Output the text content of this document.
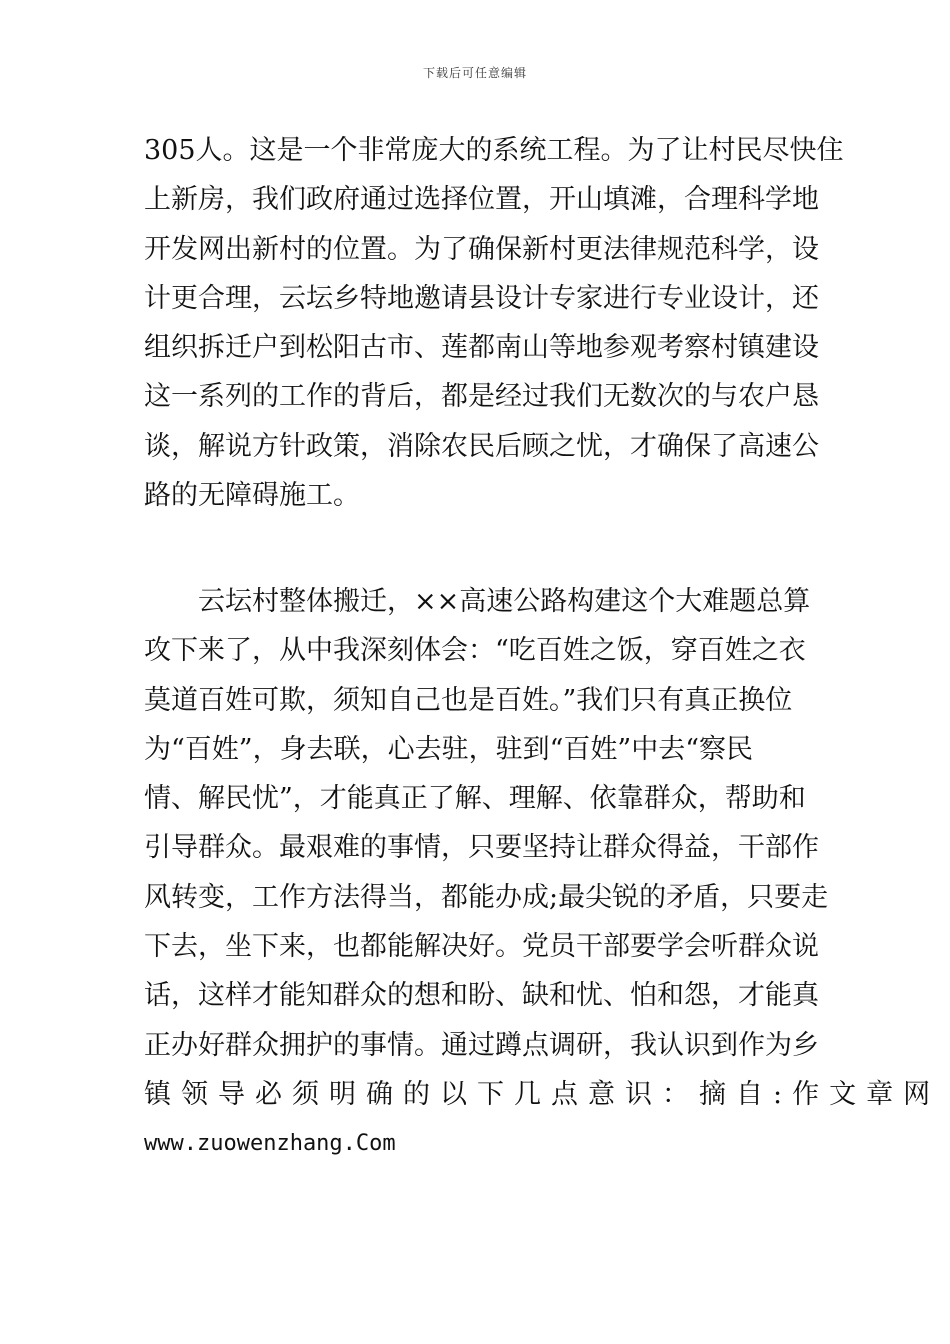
下载后可任意编辑
305人。这是一个非常庞大的系统工程。为了让村民尽快住
上新房，我们政府通过选择位置，开山填滩，合理科学地
开发网出新村的位置。为了确保新村更法律规范科学，设
计更合理，云坛乡特地邀请县设计专家进行专业设计，还
组织拆迁户到松阳古市、莲都南山等地参观考察村镇建设
这一系列的工作的背后，都是经过我们无数次的与农户恳
谈，解说方针政策，消除农民后顾之忧，才确保了高速公
路的无障碍施工。
云坛村整体搬迁，××高速公路构建这个大难题总算
攻下来了，从中我深刻体会：“吃百姓之饭，穿百姓之衣
莫道百姓可欺，须知自己也是百姓。”我们只有真正换位
为“百姓”，身去联，心去驻，驻到“百姓”中去“察民
情、解民忧”，才能真正了解、理解、依靠群众，帮助和
引导群众。最艰难的事情，只要坚持让群众得益，干部作
风转变，工作方法得当，都能办成;最尖锐的矛盾，只要走
下去，坐下来，也都能解决好。党员干部要学会听群众说
话，这样才能知群众的想和盼、缺和忧、怕和怨，才能真
正办好群众拥护的事情。通过蹲点调研，我认识到作为乡
镇领导必须明确的以下几点意识：摘自:作文章网
www.zuowenzhang.Com
